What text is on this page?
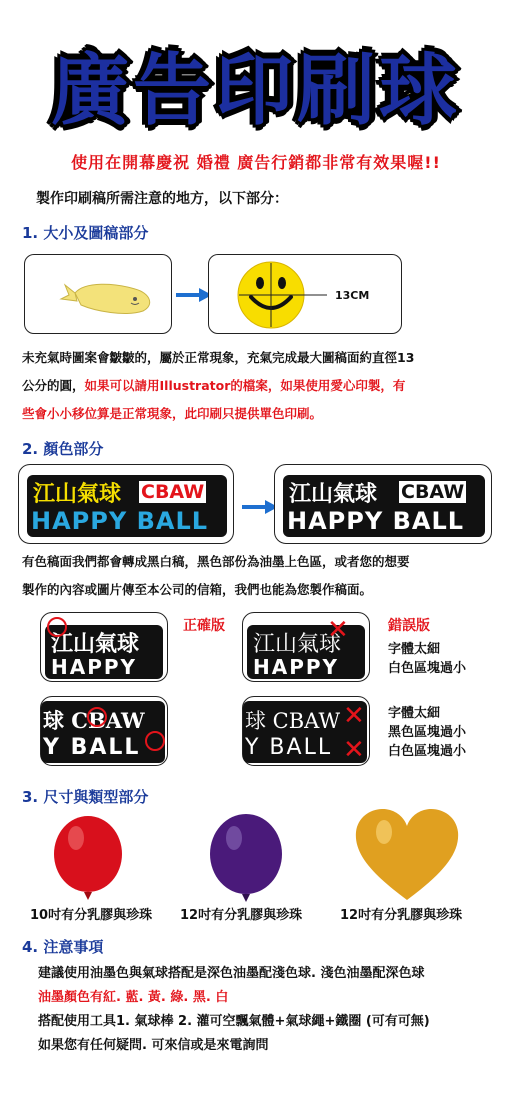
廣告印刷球
使用在開幕慶祝 婚禮 廣告行銷都非常有效果喔!!
製作印刷稿所需注意的地方，以下部分：
1. 大小及圖稿部分
13CM
未充氣時圖案會皺皺的，屬於正常現象，充氣完成最大圖稿面約直徑13
公分的圓，如果可以請用Illustrator的檔案，如果使用愛心印製，有
些會小小移位算是正常現象，此印刷只提供單色印刷。
2. 顏色部分
江山氣球 CBAW
HAPPY BALL
江山氣球 CBAW
HAPPY BALL
有色稿面我們都會轉成黑白稿，黑色部份為油墨上色區，或者您的想要
製作的內容或圖片傳至本公司的信箱，我們也能為您製作稿面。
正確版	錯誤版
江山氣球
HAPPY
江山氣球
HAPPY
✕
字體太細
白色區塊過小
球 CBAW
Y BALL
球 CBAW
Y BALL
✕
✕
字體太細
黑色區塊過小
白色區塊過小
3. 尺寸與類型部分
10吋有分乳膠與珍珠 12吋有分乳膠與珍珠	12吋有分乳膠與珍珠
4. 注意事項
建議使用油墨色與氣球搭配是深色油墨配淺色球. 淺色油墨配深色球
油墨顏色有紅. 藍. 黃. 綠. 黑. 白
搭配使用工具1. 氣球棒 2. 灌可空飄氣體+氣球繩+鐵圈 (可有可無)
如果您有任何疑問. 可來信或是來電詢問
